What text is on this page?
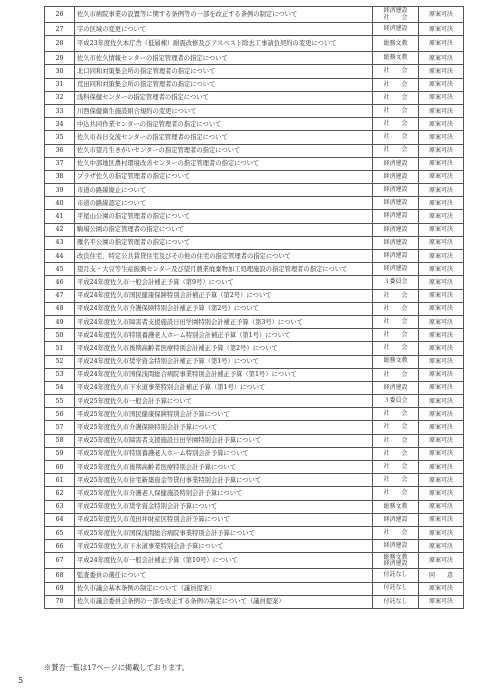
26	佐久市病院事業の設置等に関する条例等の一部を改正する条例の制定について	経済建設
社　　会	原案可決
27	字の区域の変更について	経済建設	原案可決
28	平成23年度佐久本庁舎（低層棟）耐震改修及びアスベスト除去工事請負契約の変更について	総務文教	原案可決
29	佐久市佐久情報センターの指定管理者の指定について	総務文教	原案可決
30	北口同和対策集会所の指定管理者の指定について	社　　会	原案可決
31	荒田同和対策集会所の指定管理者の指定について	社　　会	原案可決
32	浅科保健センターの指定管理者の指定について	社　　会	原案可決
33	川西保健衛生施設組合規約の変更について	社　　会	原案可決
34	中込共同作業センターの指定管理者の指定について	社　　会	原案可決
35	佐久市春日交流センターの指定管理者の指定について	社　　会	原案可決
36	佐久市望月生きがいセンターの指定管理者の指定について	社　　会	原案可決
37	佐久中部地区農村環境改善センターの指定管理者の指定について	経済建設	原案可決
38	プラザ佐久の指定管理者の指定について	経済建設	原案可決
39	市道の路線廃止について	経済建設	原案可決
40	市道の路線認定について	経済建設	原案可決
41	平尾山公園の指定管理者の指定について	経済建設	原案可決
42	駒場公園の指定管理者の指定について	経済建設	原案可決
43	雁名平公園の指定管理者の指定について	経済建設	原案可決
44	改良住宅、特定公共賃貸住宅及びその他の住宅の指定管理者の指定について	経済建設	原案可決
45	望月支・大豆等生産振興センター及び望月農業廃棄物加工処理施設の指定管理者の指定について	経済建設	原案可決
46	平成24年度佐久市一般会計補正予算（第9号）について	３委員会	原案可決
47	平成24年度佐久市国民健康保険特別会計補正予算（第2号）について	社　　会	原案可決
48	平成24年度佐久市介護保険特別会計補正予算（第2号）について	社　　会	原案可決
49	平成24年度佐久市障害者支援施設日田学園特別会計補正予算（第3号）について	社　　会	原案可決
50	平成24年度佐久市特別養護老人ホーム特別会計補正予算（第1号）について	社　　会	原案可決
51	平成24年度佐久市後期高齢者医療特別会計補正予算（第2号）について	社　　会	原案可決
52	平成24年度佐久市奨学資金特別会計補正予算（第1号）について	総務文教	原案可決
53	平成24年度佐久市国保浅間総合病院事業特別会計補正予算（第1号）について	社　　会	原案可決
54	平成24年度佐久市下水道事業特別会計補正予算（第1号）について	経済建設	原案可決
55	平成25年度佐久市一般会計予算について	３委員会	原案可決
56	平成25年度佐久市国民健康保険特別会計予算について	社　　会	原案可決
57	平成25年度佐久市介護保険特別会計予算について	社　　会	原案可決
58	平成25年度佐久市障害者支援施設日田学園特別会計予算について	社　　会	原案可決
59	平成25年度佐久市特別養護老人ホーム特別会計予算について	社　　会	原案可決
60	平成25年度佐久市後期高齢者医療特別会計予算について	社　　会	原案可決
61	平成25年度佐久市住宅新築資金等貸付事業特別会計予算について	社　　会	原案可決
62	平成25年度佐久市介護老人保健施設特別会計予算について	社　　会	原案可決
63	平成25年度佐久市奨学資金特別会計予算について	総務文教	原案可決
64	平成25年度佐久市茂田井財産区特別会計予算について	経済建設	原案可決
65	平成25年度佐久市国保浅間総合病院事業特別会計予算について	社　　会	原案可決
66	平成25年度佐久市下水道事業特別会計予算について	経済建設	原案可決
67	平成24年度佐久市一般会計補正予算（第10号）について	総務文教
経済建設	原案可決
68	監査委員の選任について	付託なし	同　　意
69	佐久市議会基本条例の制定について（議員提案）	付託なし	原案可決
70	佐久市議会委員会条例の一部を改正する条例の制定について（議員提案）	付託なし	原案可決
※賛否一覧は17ページに掲載しております。
5
